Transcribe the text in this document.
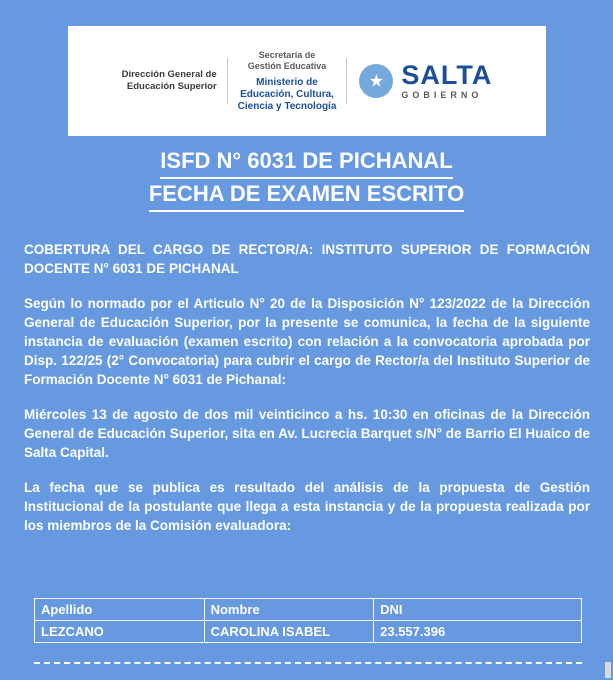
Dirección General de
Educación Superior
Secretaría de
Gestión Educativa
Ministerio de
Educación, Cultura,
Ciencia y Tecnología
SALTA
GOBIERNO
ISFD N° 6031 DE PICHANAL
FECHA DE EXAMEN ESCRITO

COBERTURA DEL CARGO DE RECTOR/A: INSTITUTO SUPERIOR DE FORMACIÓN DOCENTE N° 6031 DE PICHANAL

Según lo normado por el Articulo N° 20 de la Disposición N° 123/2022 de la Dirección General de Educación Superior, por la presente se comunica, la fecha de la siguiente instancia de evaluación (examen escrito) con relación a la convocatoria aprobada por Disp. 122/25 (2° Convocatoria) para cubrir el cargo de Rector/a del Instituto Superior de Formación Docente N° 6031 de Pichanal:

Miércoles 13 de agosto de dos mil veinticinco a hs. 10:30 en oficinas de la Dirección General de Educación Superior, sita en Av. Lucrecia Barquet s/N° de Barrio El Huaico de Salta Capital.

La fecha que se publica es resultado del análisis de la propuesta de Gestión Institucional de la postulante que llega a esta instancia y de la propuesta realizada por los miembros de la Comisión evaluadora:

Apellido	Nombre	DNI
LEZCANO	CAROLINA ISABEL	23.557.396
